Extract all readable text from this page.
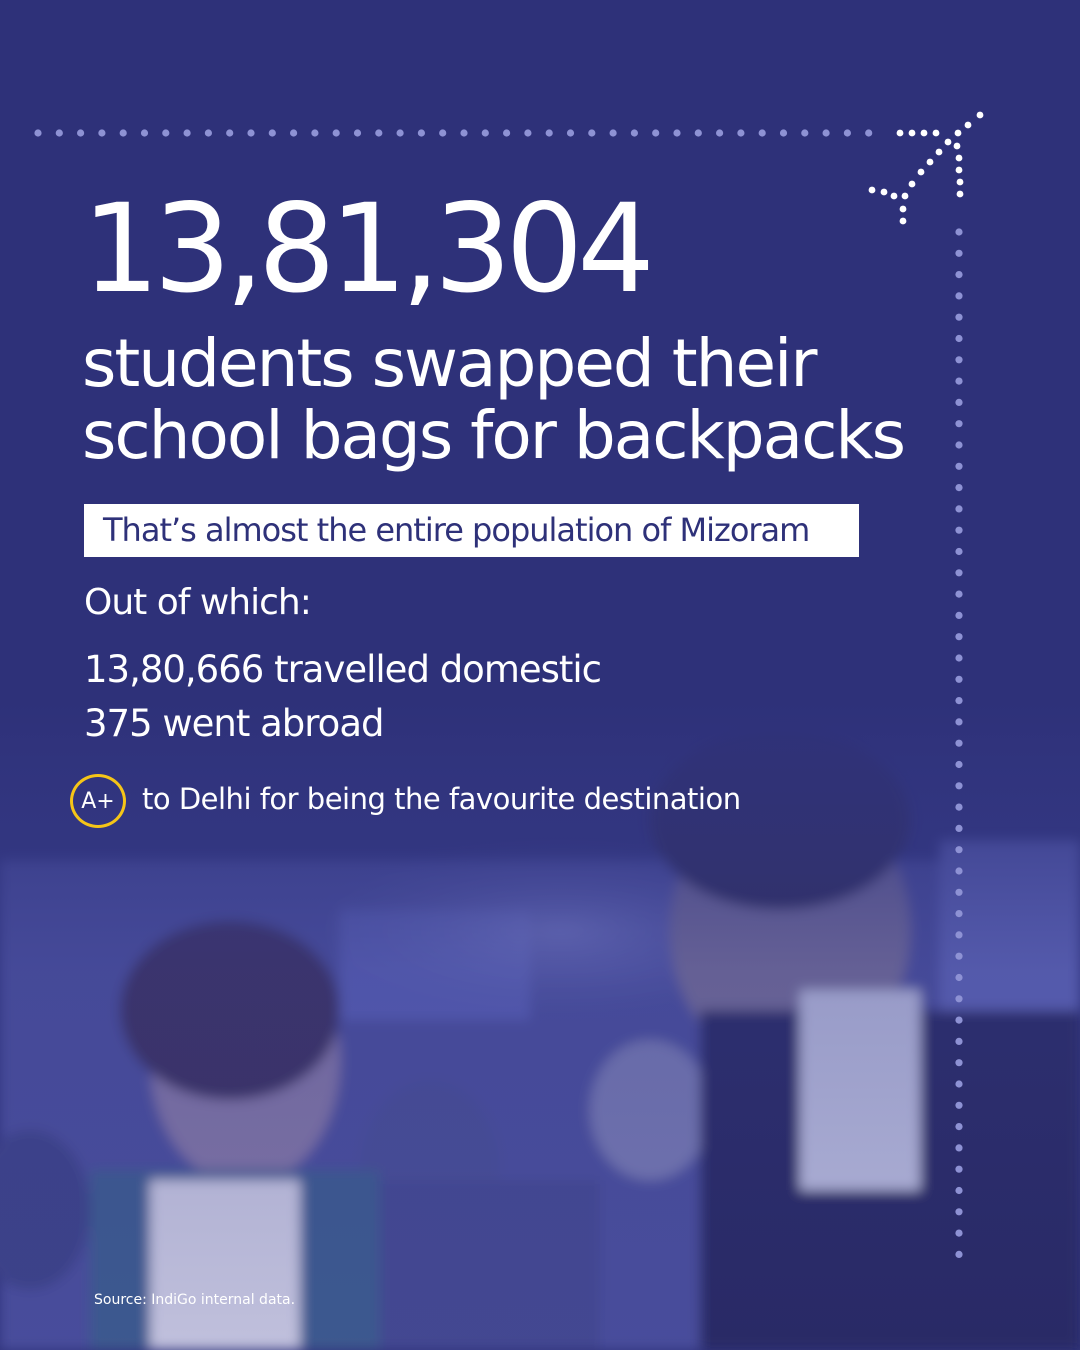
13,81,304
students swapped their
school bags for backpacks
That’s almost the entire population of Mizoram
Out of which:
13,80,666 travelled domestic
375 went abroad
A+ to Delhi for being the favourite destination
Source: IndiGo internal data.
